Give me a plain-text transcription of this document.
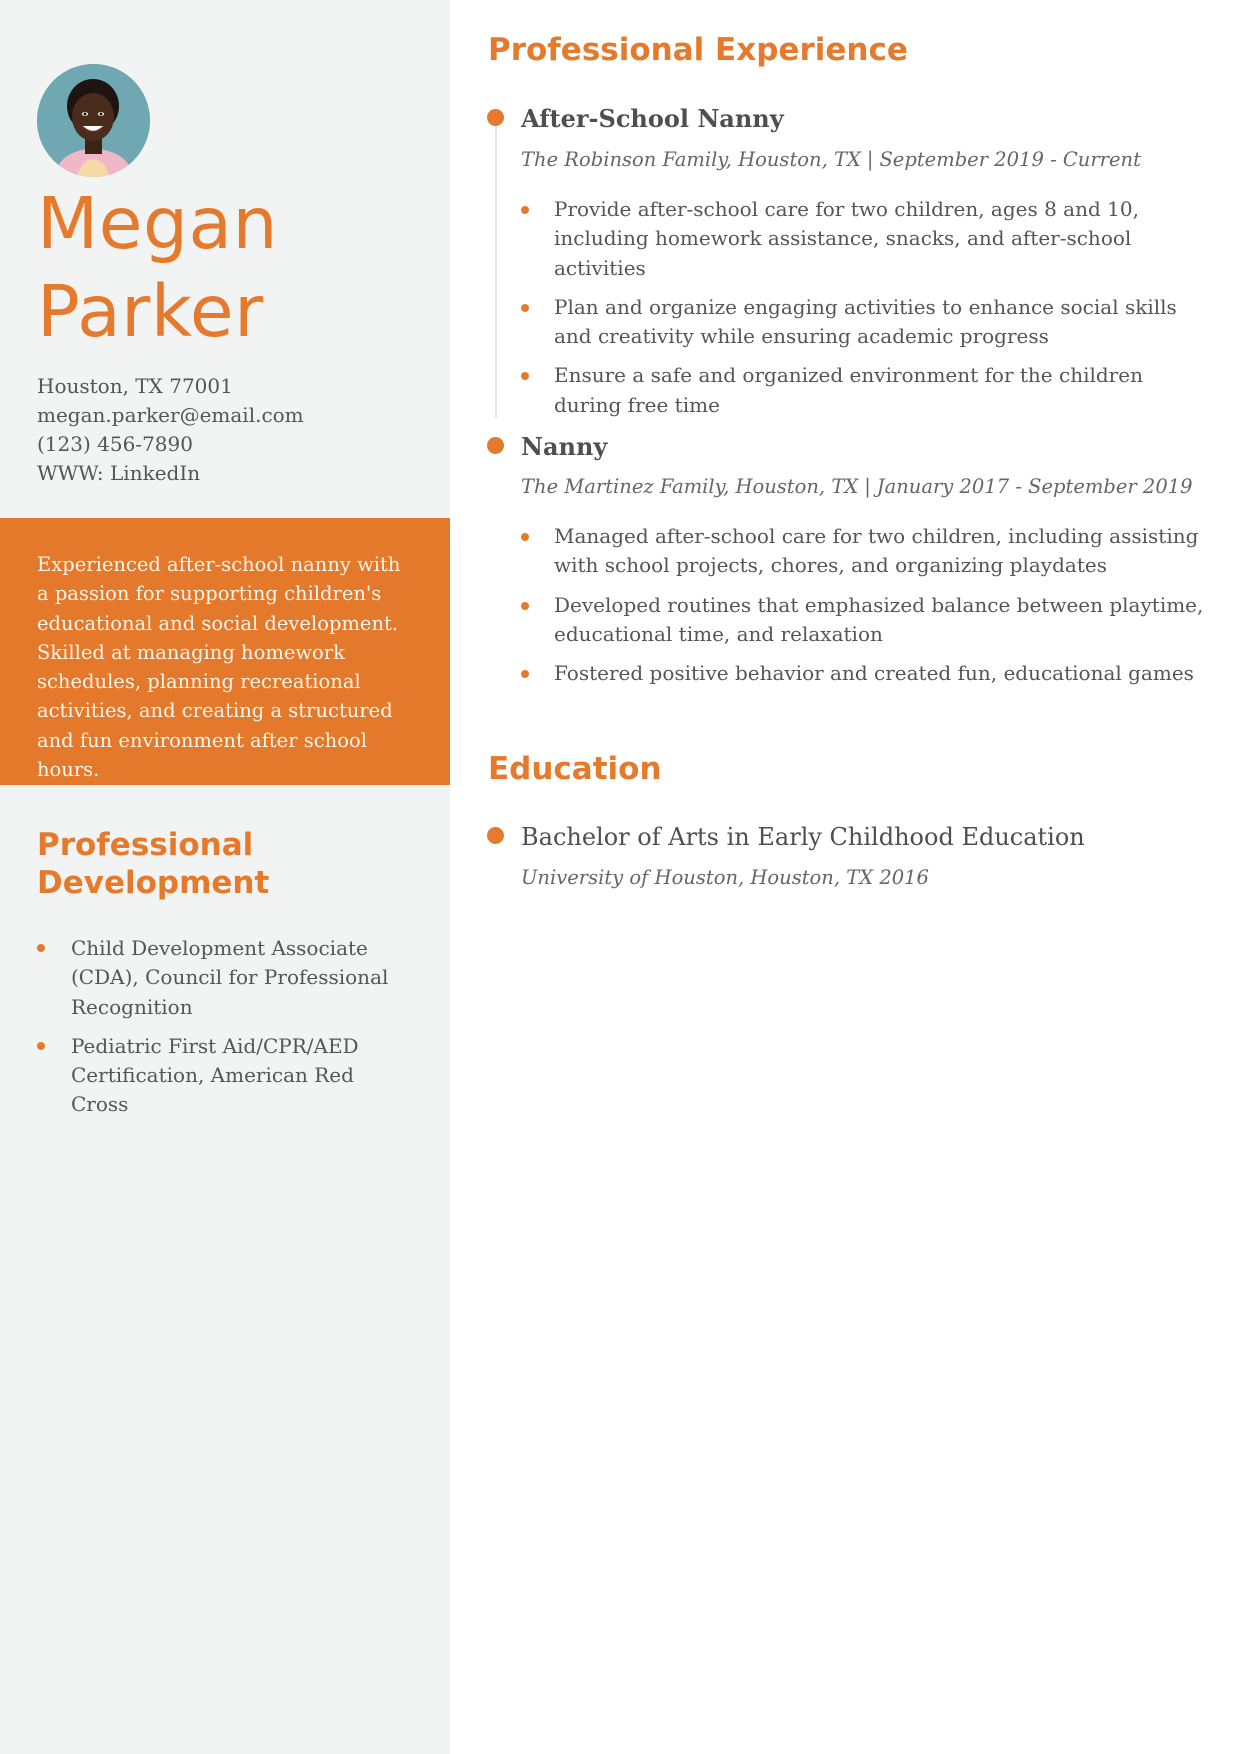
Megan
Parker
Houston, TX 77001
megan.parker@email.com
(123) 456-7890
WWW: LinkedIn

Experienced after-school nanny with a passion for supporting children's educational and social development. Skilled at managing homework schedules, planning recreational activities, and creating a structured and fun environment after school hours.

Professional Development
Child Development Associate (CDA), Council for Professional Recognition
Pediatric First Aid/CPR/AED Certification, American Red Cross
Professional Experience
After-School Nanny
The Robinson Family, Houston, TX | September 2019 - Current
Provide after-school care for two children, ages 8 and 10, including homework assistance, snacks, and after-school activities
Plan and organize engaging activities to enhance social skills and creativity while ensuring academic progress
Ensure a safe and organized environment for the children during free time
Nanny
The Martinez Family, Houston, TX | January 2017 - September 2019
Managed after-school care for two children, including assisting with school projects, chores, and organizing playdates
Developed routines that emphasized balance between playtime, educational time, and relaxation
Fostered positive behavior and created fun, educational games
Education
Bachelor of Arts in Early Childhood Education
University of Houston, Houston, TX 2016
